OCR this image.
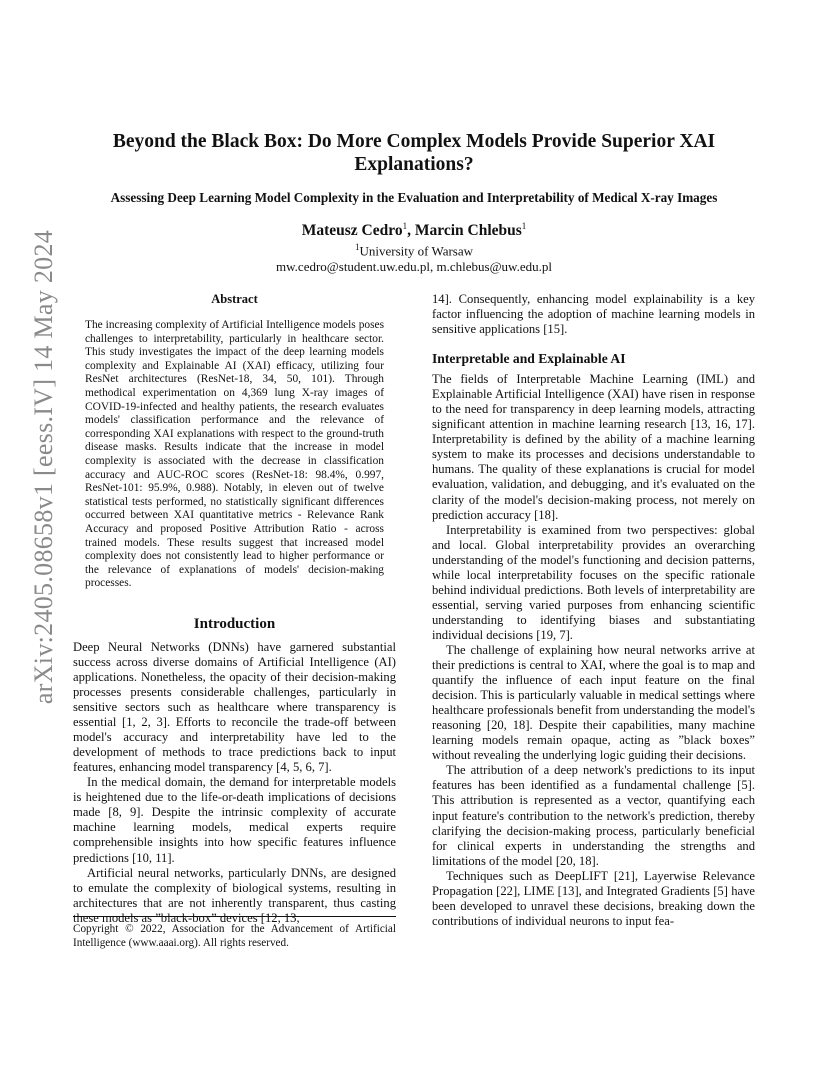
arXiv:2405.08658v1 [eess.IV] 14 May 2024
Beyond the Black Box: Do More Complex Models Provide Superior XAI Explanations?
Assessing Deep Learning Model Complexity in the Evaluation and Interpretability of Medical X-ray Images
Mateusz Cedro$^1$, Marcin Chlebus$^1$
$^1$University of Warsaw
mw.cedro@student.uw.edu.pl, m.chlebus@uw.edu.pl
Abstract

The increasing complexity of Artificial Intelligence models poses challenges to interpretability, particularly in healthcare sector. This study investigates the impact of the deep learning models complexity and Explainable AI (XAI) efficacy, utilizing four ResNet architectures (ResNet-18, 34, 50, 101). Through methodical experimentation on 4,369 lung X-ray images of COVID-19-infected and healthy patients, the research evaluates models' classification performance and the relevance of corresponding XAI explanations with respect to the ground-truth disease masks. Results indicate that the increase in model complexity is associated with the decrease in classification accuracy and AUC-ROC scores (ResNet-18: 98.4%, 0.997, ResNet-101: 95.9%, 0.988). Notably, in eleven out of twelve statistical tests performed, no statistically significant differences occurred between XAI quantitative metrics - Relevance Rank Accuracy and proposed Positive Attribution Ratio - across trained models. These results suggest that increased model complexity does not consistently lead to higher performance or the relevance of explanations of models' decision-making processes.

Introduction

Deep Neural Networks (DNNs) have garnered substantial success across diverse domains of Artificial Intelligence (AI) applications. Nonetheless, the opacity of their decision-making processes presents considerable challenges, particularly in sensitive sectors such as healthcare where transparency is essential [1, 2, 3]. Efforts to reconcile the trade-off between model's accuracy and interpretability have led to the development of methods to trace predictions back to input features, enhancing model transparency [4, 5, 6, 7].

In the medical domain, the demand for interpretable models is heightened due to the life-or-death implications of decisions made [8, 9]. Despite the intrinsic complexity of accurate machine learning models, medical experts require comprehensible insights into how specific features influence predictions [10, 11].

Artificial neural networks, particularly DNNs, are designed to emulate the complexity of biological systems, resulting in architectures that are not inherently transparent, thus casting these models as ”black-box” devices [12, 13,

Copyright © 2022, Association for the Advancement of Artificial Intelligence (www.aaai.org). All rights reserved.

14]. Consequently, enhancing model explainability is a key factor influencing the adoption of machine learning models in sensitive applications [15].

Interpretable and Explainable AI

The fields of Interpretable Machine Learning (IML) and Explainable Artificial Intelligence (XAI) have risen in response to the need for transparency in deep learning models, attracting significant attention in machine learning research [13, 16, 17]. Interpretability is defined by the ability of a machine learning system to make its processes and decisions understandable to humans. The quality of these explanations is crucial for model evaluation, validation, and debugging, and it's evaluated on the clarity of the model's decision-making process, not merely on prediction accuracy [18].

Interpretability is examined from two perspectives: global and local. Global interpretability provides an overarching understanding of the model's functioning and decision patterns, while local interpretability focuses on the specific rationale behind individual predictions. Both levels of interpretability are essential, serving varied purposes from enhancing scientific understanding to identifying biases and substantiating individual decisions [19, 7].

The challenge of explaining how neural networks arrive at their predictions is central to XAI, where the goal is to map and quantify the influence of each input feature on the final decision. This is particularly valuable in medical settings where healthcare professionals benefit from understanding the model's reasoning [20, 18]. Despite their capabilities, many machine learning models remain opaque, acting as ”black boxes” without revealing the underlying logic guiding their decisions.

The attribution of a deep network's predictions to its input features has been identified as a fundamental challenge [5]. This attribution is represented as a vector, quantifying each input feature's contribution to the network's prediction, thereby clarifying the decision-making process, particularly beneficial for clinical experts in understanding the strengths and limitations of the model [20, 18].

Techniques such as DeepLIFT [21], Layerwise Relevance Propagation [22], LIME [13], and Integrated Gradients [5] have been developed to unravel these decisions, breaking down the contributions of individual neurons to input fea-
